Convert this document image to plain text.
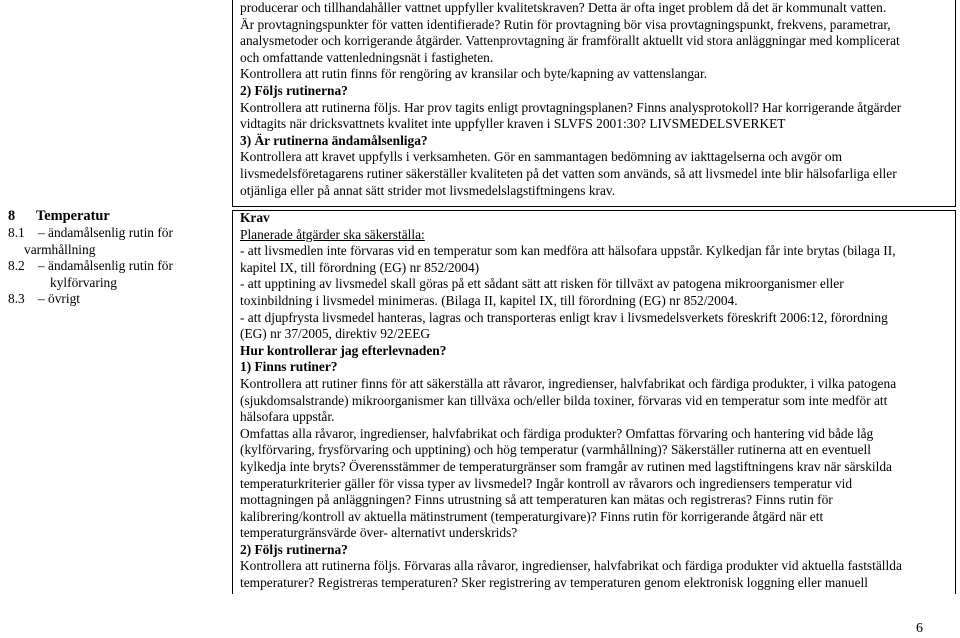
producerar och tillhandahåller vattnet uppfyller kvalitetskraven? Detta är ofta inget problem då det är kommunalt vatten.

Är provtagningspunkter för vatten identifierade? Rutin för provtagning bör visa provtagningspunkt, frekvens, parametrar,

analysmetoder och korrigerande åtgärder. Vattenprovtagning är framförallt aktuellt vid stora anläggningar med komplicerat

och omfattande vattenledningsnät i fastigheten.

Kontrollera att rutin finns för rengöring av kransilar och byte/kapning av vattenslangar.

2) Följs rutinerna?

Kontrollera att rutinerna följs. Har prov tagits enligt provtagningsplanen? Finns analysprotokoll? Har korrigerande åtgärder

vidtagits när dricksvattnets kvalitet inte uppfyller kraven i SLVFS 2001:30? LIVSMEDELSVERKET

3) Är rutinerna ändamålsenliga?

Kontrollera att kravet uppfylls i verksamheten. Gör en sammantagen bedömning av iakttagelserna och avgör om

livsmedelsföretagarens rutiner säkerställer kvaliteten på det vatten som används, så att livsmedel inte blir hälsofarliga eller

otjänliga eller på annat sätt strider mot livsmedelslagstiftningens krav.

8	Temperatur
8.1 – ändamålsenlig rutin för
varmhållning
8.2 – ändamålsenlig rutin för
kylförvaring
8.3 – övrigt

Krav

Planerade åtgärder ska säkerställa:

- att livsmedlen inte förvaras vid en temperatur som kan medföra att hälsofara uppstår. Kylkedjan får inte brytas (bilaga II,

kapitel IX, till förordning (EG) nr 852/2004)

- att upptining av livsmedel skall göras på ett sådant sätt att risken för tillväxt av patogena mikroorganismer eller

toxinbildning i livsmedel minimeras. (Bilaga II, kapitel IX, till förordning (EG) nr 852/2004.

- att djupfrysta livsmedel hanteras, lagras och transporteras enligt krav i livsmedelsverkets föreskrift 2006:12, förordning

(EG) nr 37/2005, direktiv 92/2EEG

Hur kontrollerar jag efterlevnaden?

1) Finns rutiner?

Kontrollera att rutiner finns för att säkerställa att råvaror, ingredienser, halvfabrikat och färdiga produkter, i vilka patogena

(sjukdomsalstrande) mikroorganismer kan tillväxa och/eller bilda toxiner, förvaras vid en temperatur som inte medför att

hälsofara uppstår.

Omfattas alla råvaror, ingredienser, halvfabrikat och färdiga produkter? Omfattas förvaring och hantering vid både låg

(kylförvaring, frysförvaring och upptining) och hög temperatur (varmhållning)? Säkerställer rutinerna att en eventuell

kylkedja inte bryts? Överensstämmer de temperaturgränser som framgår av rutinen med lagstiftningens krav när särskilda

temperaturkriterier gäller för vissa typer av livsmedel? Ingår kontroll av råvarors och ingrediensers temperatur vid

mottagningen på anläggningen? Finns utrustning så att temperaturen kan mätas och registreras? Finns rutin för

kalibrering/kontroll av aktuella mätinstrument (temperaturgivare)? Finns rutin för korrigerande åtgärd när ett

temperaturgränsvärde över- alternativt underskrids?

2) Följs rutinerna?

Kontrollera att rutinerna följs. Förvaras alla råvaror, ingredienser, halvfabrikat och färdiga produkter vid aktuella fastställda

temperaturer? Registreras temperaturen? Sker registrering av temperaturen genom elektronisk loggning eller manuell

6
